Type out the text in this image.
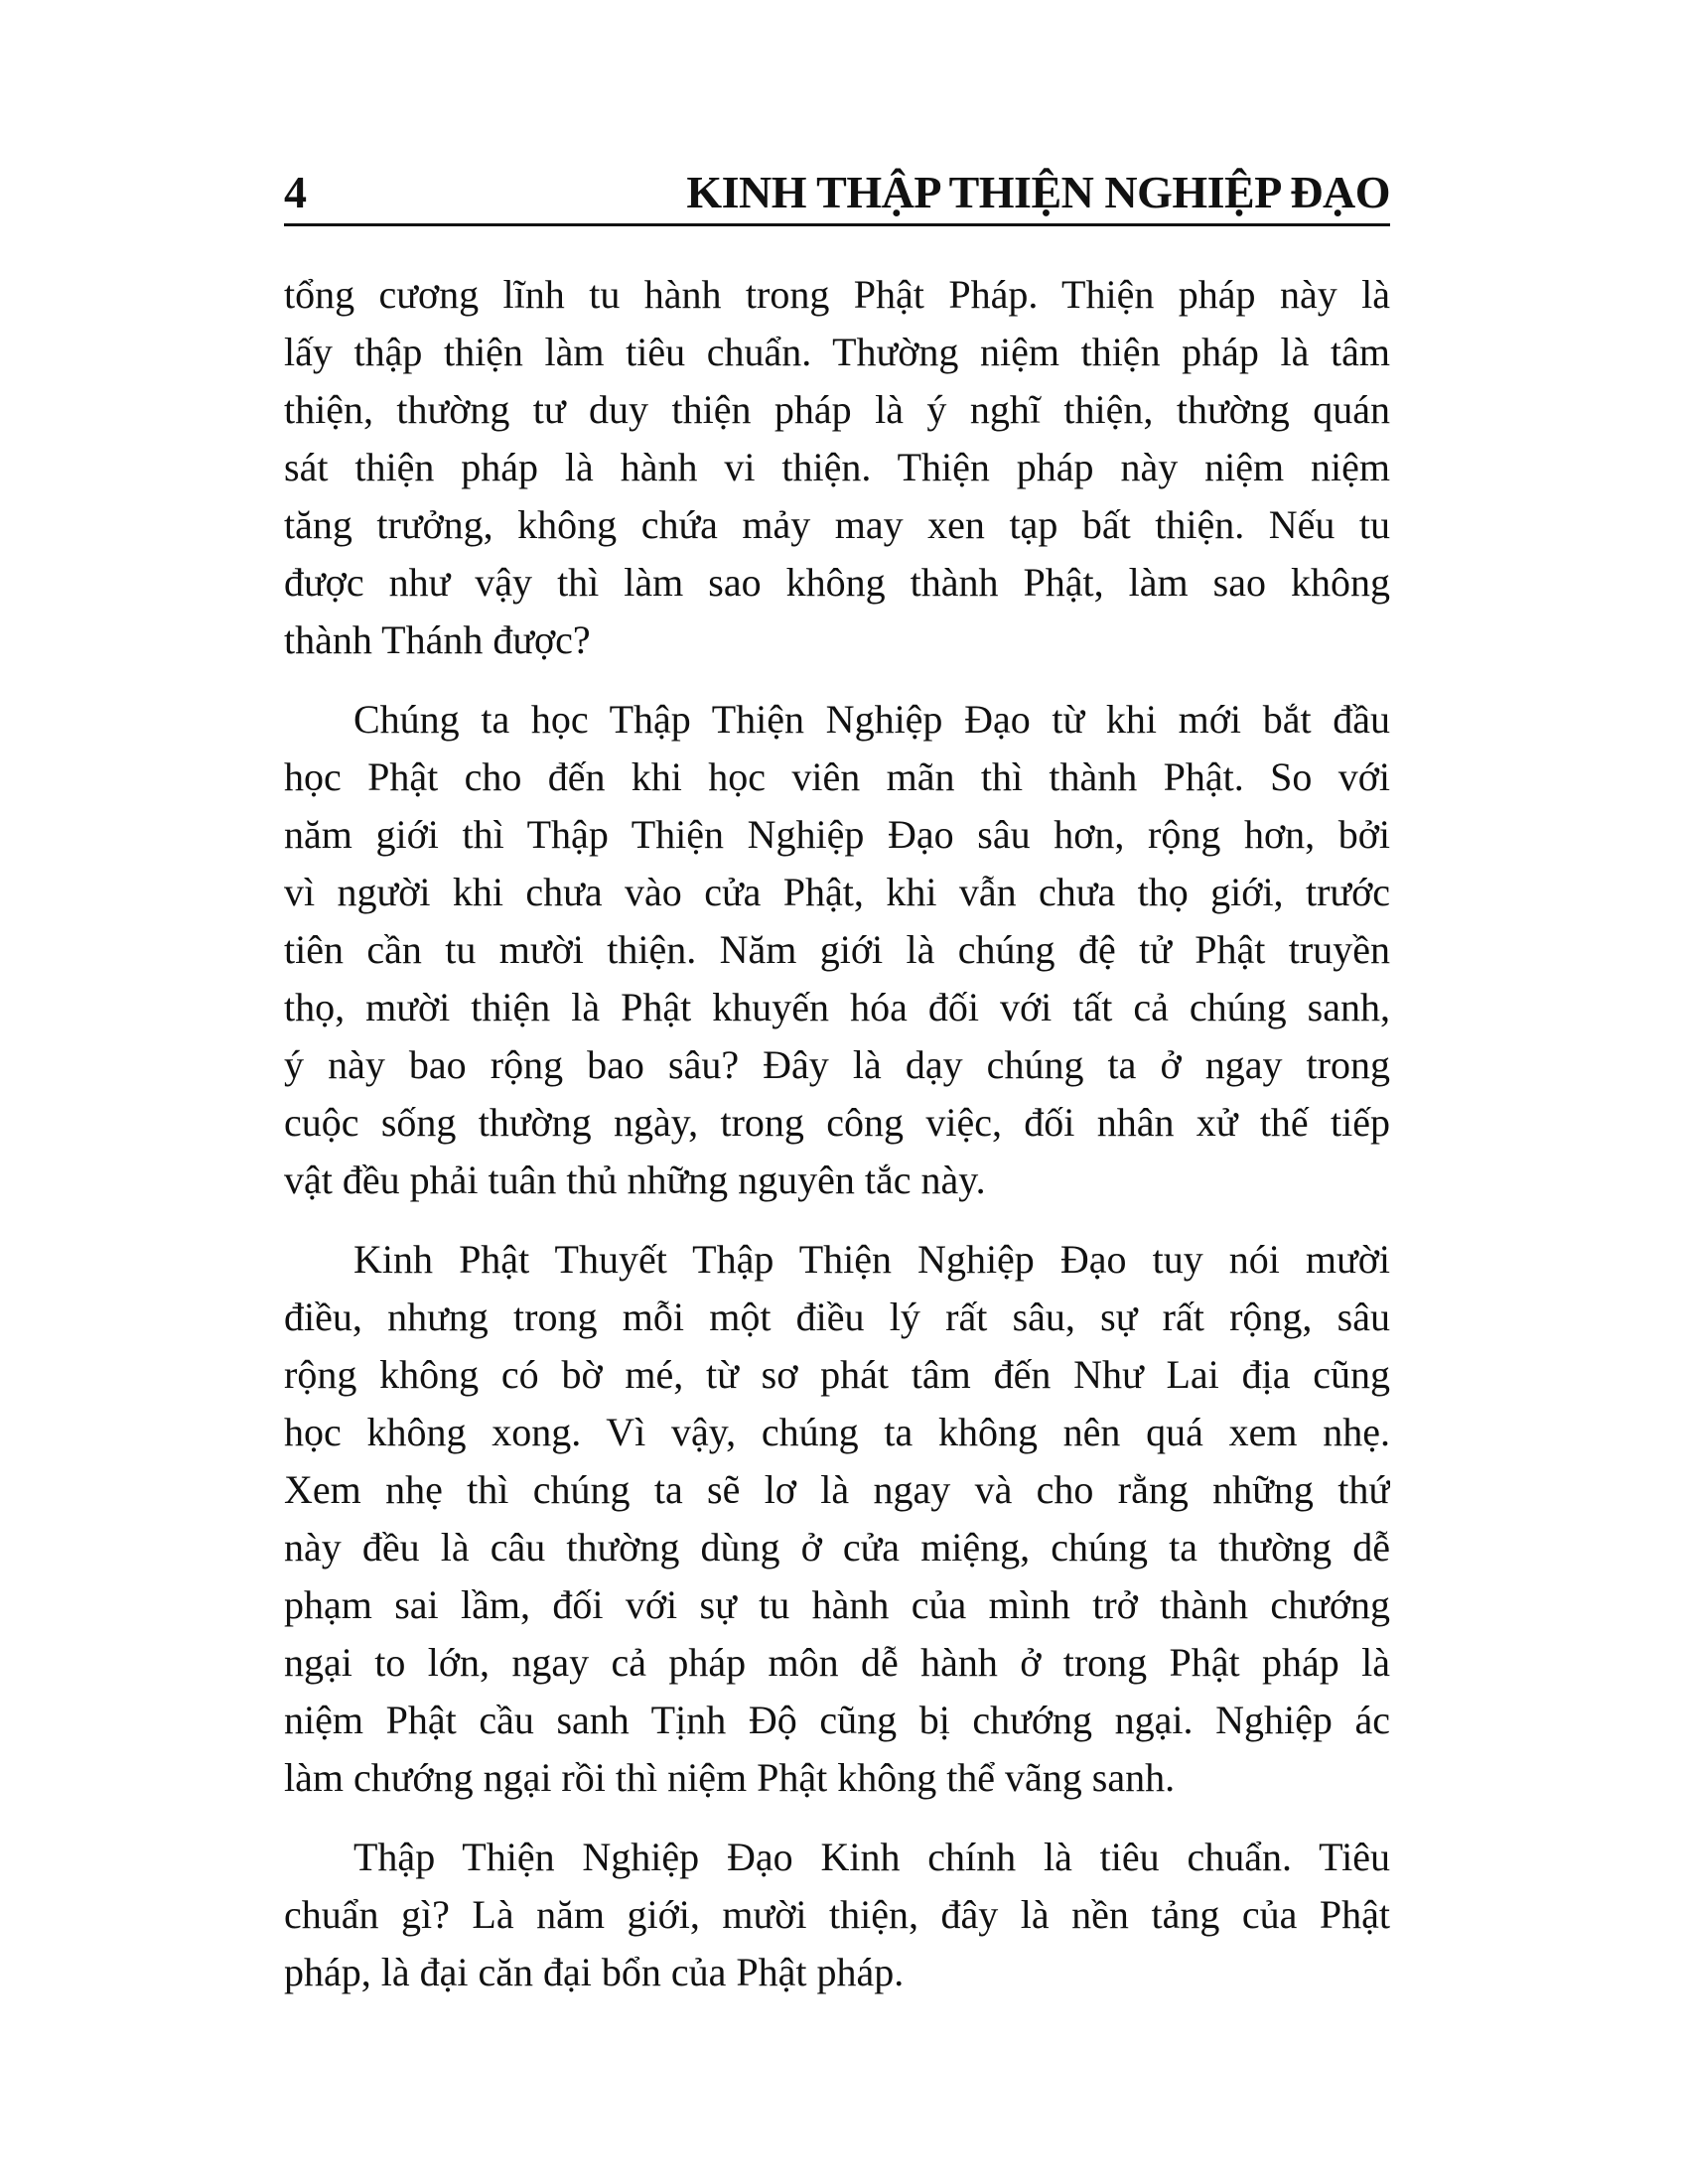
4	KINH THẬP THIỆN NGHIỆP ĐẠO

tổng cương lĩnh tu hành trong Phật Pháp. Thiện pháp này là
lấy thập thiện làm tiêu chuẩn. Thường niệm thiện pháp là tâm
thiện, thường tư duy thiện pháp là ý nghĩ thiện, thường quán
sát thiện pháp là hành vi thiện. Thiện pháp này niệm niệm
tăng trưởng, không chứa mảy may xen tạp bất thiện. Nếu tu
được như vậy thì làm sao không thành Phật, làm sao không
thành Thánh được?

Chúng ta học Thập Thiện Nghiệp Đạo từ khi mới bắt đầu
học Phật cho đến khi học viên mãn thì thành Phật. So với
năm giới thì Thập Thiện Nghiệp Đạo sâu hơn, rộng hơn, bởi
vì người khi chưa vào cửa Phật, khi vẫn chưa thọ giới, trước
tiên cần tu mười thiện. Năm giới là chúng đệ tử Phật truyền
thọ, mười thiện là Phật khuyến hóa đối với tất cả chúng sanh,
ý này bao rộng bao sâu? Đây là dạy chúng ta ở ngay trong
cuộc sống thường ngày, trong công việc, đối nhân xử thế tiếp
vật đều phải tuân thủ những nguyên tắc này.

Kinh Phật Thuyết Thập Thiện Nghiệp Đạo tuy nói mười
điều, nhưng trong mỗi một điều lý rất sâu, sự rất rộng, sâu
rộng không có bờ mé, từ sơ phát tâm đến Như Lai địa cũng
học không xong. Vì vậy, chúng ta không nên quá xem nhẹ.
Xem nhẹ thì chúng ta sẽ lơ là ngay và cho rằng những thứ
này đều là câu thường dùng ở cửa miệng, chúng ta thường dễ
phạm sai lầm, đối với sự tu hành của mình trở thành chướng
ngại to lớn, ngay cả pháp môn dễ hành ở trong Phật pháp là
niệm Phật cầu sanh Tịnh Độ cũng bị chướng ngại. Nghiệp ác
làm chướng ngại rồi thì niệm Phật không thể vãng sanh.

Thập Thiện Nghiệp Đạo Kinh chính là tiêu chuẩn. Tiêu
chuẩn gì? Là năm giới, mười thiện, đây là nền tảng của Phật
pháp, là đại căn đại bổn của Phật pháp.
